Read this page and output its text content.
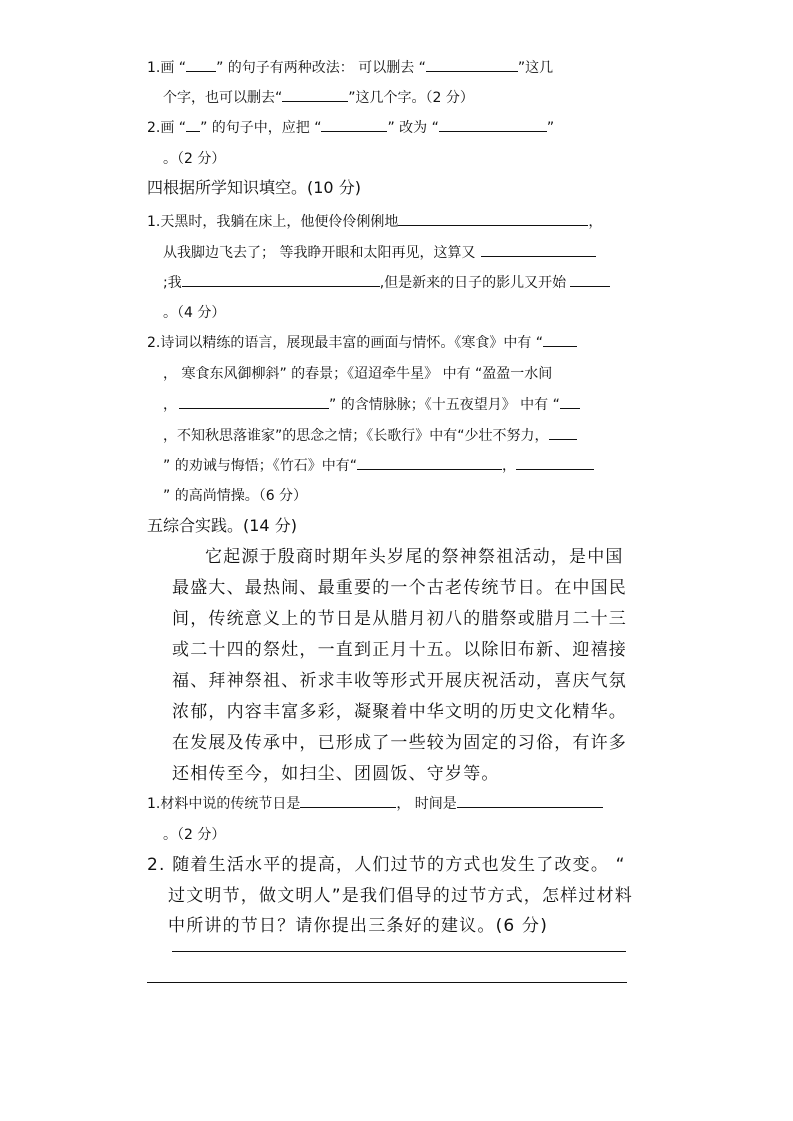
1.画 “ ” 的句子有两种改法： 可以删去 “	”这几
个字，也可以删去“	”这几个字。（2 分）
2.画 “ ” 的句子中，应把 “	” 改为 “	”
。（2 分）
四根据所学知识填空。(10 分)
1.天黑时，我躺在床上，他便伶伶俐俐地	，
从我脚边飞去了； 等我睁开眼和太阳再见，这算又
;我	,但是新来的日子的影儿又开始
。（4 分）
2.诗词以精练的语言，展现最丰富的画面与情怀。《寒食》中有 “
， 寒食东风御柳斜” 的春景；《迢迢牵牛星》 中有 “盈盈一水间
，	” 的含情脉脉；《十五夜望月》 中有 “
，不知秋思落谁家”的思念之情；《长歌行》中有“少壮不努力，
” 的劝诫与悔悟；《竹石》中有“	，
” 的高尚情操。（6 分）
五综合实践。(14 分)
它起源于殷商时期年头岁尾的祭神祭祖活动，是中国
最盛大、最热闹、最重要的一个古老传统节日。在中国民
间，传统意义上的节日是从腊月初八的腊祭或腊月二十三
或二十四的祭灶，一直到正月十五。以除旧布新、迎禧接
福、拜神祭祖、祈求丰收等形式开展庆祝活动，喜庆气氛
浓郁，内容丰富多彩，凝聚着中华文明的历史文化精华。
在发展及传承中，已形成了一些较为固定的习俗，有许多
还相传至今，如扫尘、团圆饭、守岁等。
1.材料中说的传统节日是	， 时间是
。（2 分）
2. 随着生活水平的提高，人们过节的方式也发生了改变。 “
过文明节，做文明人”是我们倡导的过节方式，怎样过材料
中所讲的节日？请你提出三条好的建议。(6 分)
